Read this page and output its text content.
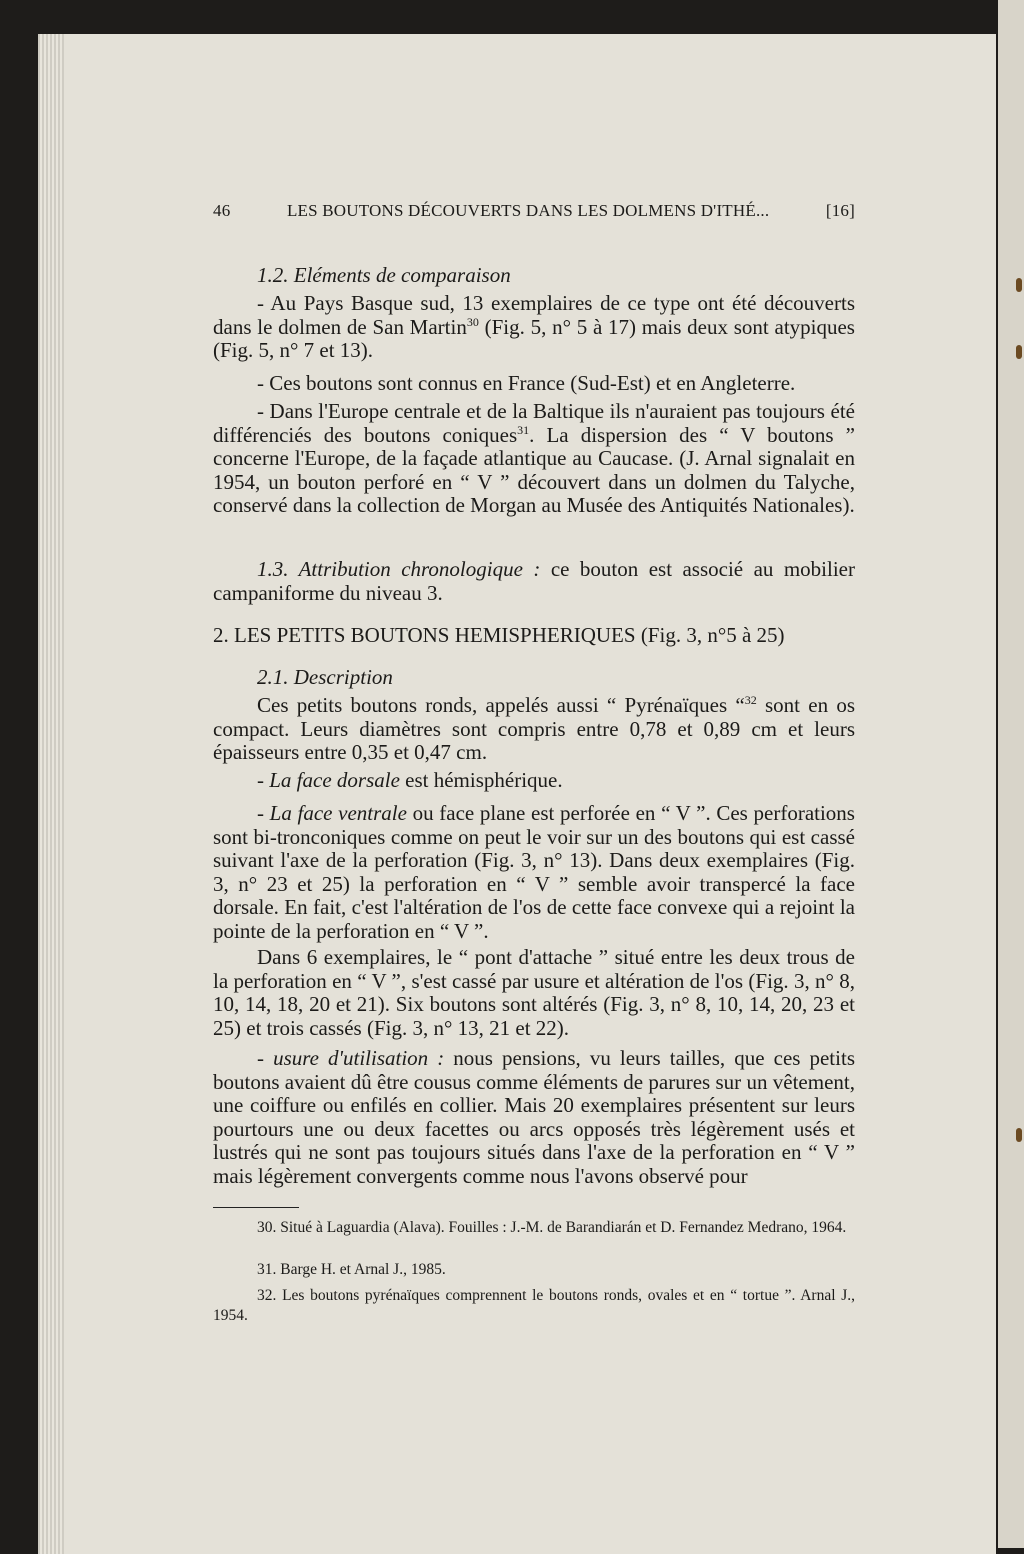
46	LES BOUTONS DÉCOUVERTS DANS LES DOLMENS D'ITHÉ...	[16]

1.2. Eléments de comparaison

- Au Pays Basque sud, 13 exemplaires de ce type ont été découverts dans le dolmen de San Martin$^{30}$ (Fig. 5, n° 5 à 17) mais deux sont atypiques (Fig. 5, n° 7 et 13).

- Ces boutons sont connus en France (Sud-Est) et en Angleterre.

- Dans l'Europe centrale et de la Baltique ils n'auraient pas toujours été différenciés des boutons coniques$^{31}$. La dispersion des “ V boutons ” concerne l'Europe, de la façade atlantique au Caucase. (J. Arnal signalait en 1954, un bouton perforé en “ V ” découvert dans un dolmen du Talyche, conservé dans la collection de Morgan au Musée des Antiquités Nationales).

1.3. Attribution chronologique : ce bouton est associé au mobilier campaniforme du niveau 3.

2. LES PETITS BOUTONS HEMISPHERIQUES (Fig. 3, n°5 à 25)

2.1. Description

Ces petits boutons ronds, appelés aussi “ Pyrénaïques “$^{32}$ sont en os compact. Leurs diamètres sont compris entre 0,78 et 0,89 cm et leurs épaisseurs entre 0,35 et 0,47 cm.

- La face dorsale est hémisphérique.

- La face ventrale ou face plane est perforée en “ V ”. Ces perforations sont bi-tronconiques comme on peut le voir sur un des boutons qui est cassé suivant l'axe de la perforation (Fig. 3, n° 13). Dans deux exemplaires (Fig. 3, n° 23 et 25) la perforation en “ V ” semble avoir transpercé la face dorsale. En fait, c'est l'altération de l'os de cette face convexe qui a rejoint la pointe de la perforation en “ V ”.

Dans 6 exemplaires, le “ pont d'attache ” situé entre les deux trous de la perforation en “ V ”, s'est cassé par usure et altération de l'os (Fig. 3, n° 8, 10, 14, 18, 20 et 21). Six boutons sont altérés (Fig. 3, n° 8, 10, 14, 20, 23 et 25) et trois cassés (Fig. 3, n° 13, 21 et 22).

- usure d'utilisation : nous pensions, vu leurs tailles, que ces petits boutons avaient dû être cousus comme éléments de parures sur un vêtement, une coiffure ou enfilés en collier. Mais 20 exemplaires présentent sur leurs pourtours une ou deux facettes ou arcs opposés très légèrement usés et lustrés qui ne sont pas toujours situés dans l'axe de la perforation en “ V ” mais légèrement convergents comme nous l'avons observé pour

30. Situé à Laguardia (Alava). Fouilles : J.-M. de Barandiarán et D. Fernandez Medrano, 1964.

31. Barge H. et Arnal J., 1985.

32. Les boutons pyrénaïques comprennent le boutons ronds, ovales et en “ tortue ”. Arnal J., 1954.
